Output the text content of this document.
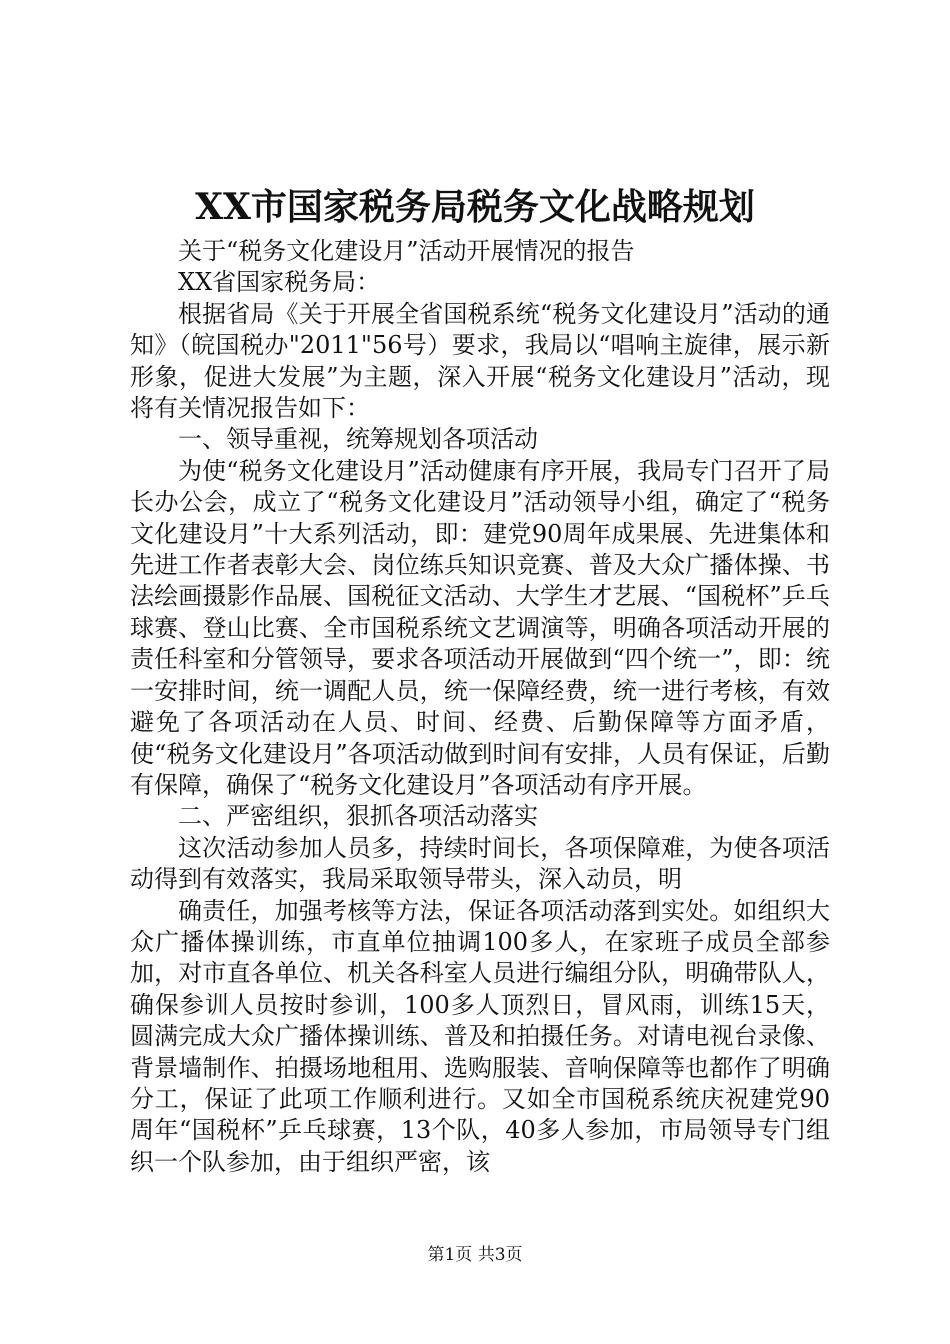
XX市国家税务局税务文化战略规划

关于“税务文化建设月”活动开展情况的报告

XX省国家税务局：

根据省局《关于开展全省国税系统“税务文化建设月”活动的通知》（皖国税办"2011"56号）要求，我局以“唱响主旋律，展示新形象，促进大发展”为主题，深入开展“税务文化建设月”活动，现将有关情况报告如下：

一、领导重视，统筹规划各项活动

为使“税务文化建设月”活动健康有序开展，我局专门召开了局长办公会，成立了“税务文化建设月”活动领导小组，确定了“税务文化建设月”十大系列活动，即：建党90周年成果展、先进集体和先进工作者表彰大会、岗位练兵知识竞赛、普及大众广播体操、书法绘画摄影作品展、国税征文活动、大学生才艺展、“国税杯”乒乓球赛、登山比赛、全市国税系统文艺调演等，明确各项活动开展的责任科室和分管领导，要求各项活动开展做到“四个统一”，即：统一安排时间，统一调配人员，统一保障经费，统一进行考核，有效避免了各项活动在人员、时间、经费、后勤保障等方面矛盾，使“税务文化建设月”各项活动做到时间有安排，人员有保证，后勤有保障，确保了“税务文化建设月”各项活动有序开展。

二、严密组织，狠抓各项活动落实

这次活动参加人员多，持续时间长，各项保障难，为使各项活动得到有效落实，我局采取领导带头，深入动员，明

确责任，加强考核等方法，保证各项活动落到实处。如组织大众广播体操训练，市直单位抽调100多人，在家班子成员全部参加，对市直各单位、机关各科室人员进行编组分队，明确带队人，确保参训人员按时参训，100多人顶烈日，冒风雨，训练15天，圆满完成大众广播体操训练、普及和拍摄任务。对请电视台录像、背景墙制作、拍摄场地租用、选购服装、音响保障等也都作了明确分工，保证了此项工作顺利进行。又如全市国税系统庆祝建党90周年“国税杯”乒乓球赛，13个队，40多人参加，市局领导专门组织一个队参加，由于组织严密，该

第1页 共3页
